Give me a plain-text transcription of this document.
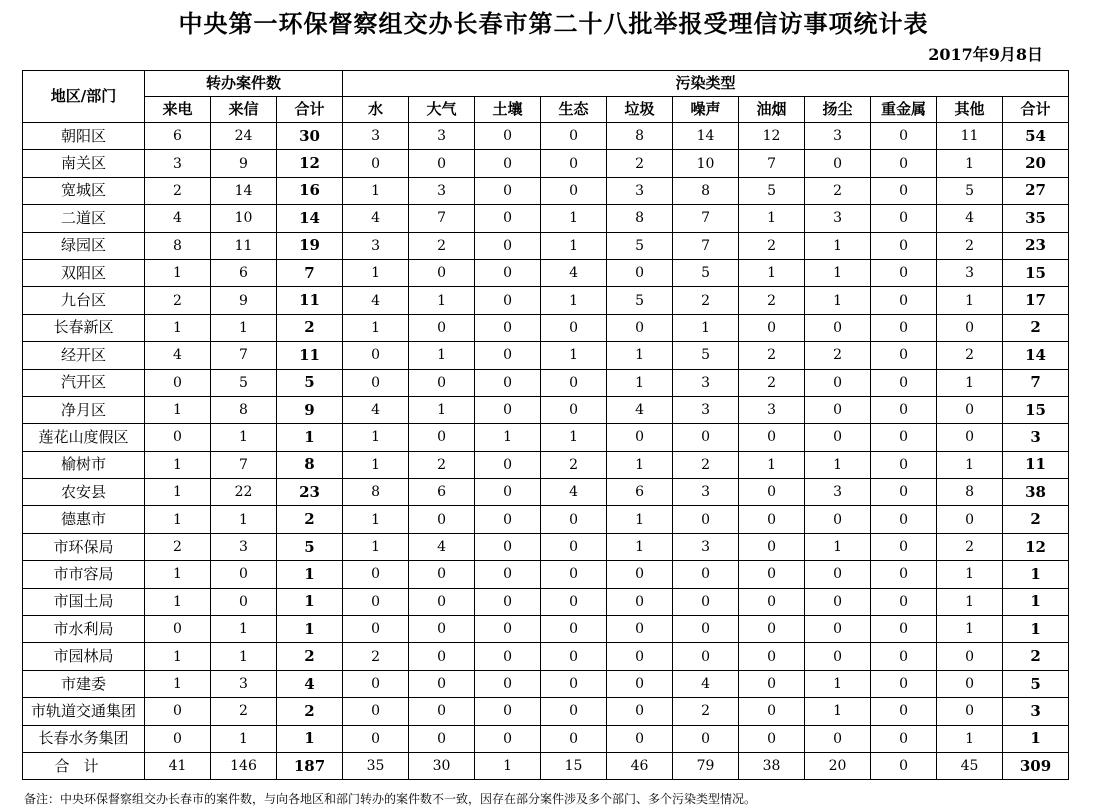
中央第一环保督察组交办长春市第二十八批举报受理信访事项统计表
2017年9月8日
地区/部门	转办案件数			污染类型										
	来电	来信	合计	水	大气	土壤	生态	垃圾	噪声	油烟	扬尘	重金属	其他	合计
朝阳区	6	24	30	3	3	0	0	8	14	12	3	0	11	54
南关区	3	9	12	0	0	0	0	2	10	7	0	0	1	20
宽城区	2	14	16	1	3	0	0	3	8	5	2	0	5	27
二道区	4	10	14	4	7	0	1	8	7	1	3	0	4	35
绿园区	8	11	19	3	2	0	1	5	7	2	1	0	2	23
双阳区	1	6	7	1	0	0	4	0	5	1	1	0	3	15
九台区	2	9	11	4	1	0	1	5	2	2	1	0	1	17
长春新区	1	1	2	1	0	0	0	0	1	0	0	0	0	2
经开区	4	7	11	0	1	0	1	1	5	2	2	0	2	14
汽开区	0	5	5	0	0	0	0	1	3	2	0	0	1	7
净月区	1	8	9	4	1	0	0	4	3	3	0	0	0	15
莲花山度假区	0	1	1	1	0	1	1	0	0	0	0	0	0	3
榆树市	1	7	8	1	2	0	2	1	2	1	1	0	1	11
农安县	1	22	23	8	6	0	4	6	3	0	3	0	8	38
德惠市	1	1	2	1	0	0	0	1	0	0	0	0	0	2
市环保局	2	3	5	1	4	0	0	1	3	0	1	0	2	12
市市容局	1	0	1	0	0	0	0	0	0	0	0	0	1	1
市国土局	1	0	1	0	0	0	0	0	0	0	0	0	1	1
市水利局	0	1	1	0	0	0	0	0	0	0	0	0	1	1
市园林局	1	1	2	2	0	0	0	0	0	0	0	0	0	2
市建委	1	3	4	0	0	0	0	0	4	0	1	0	0	5
市轨道交通集团	0	2	2	0	0	0	0	0	2	0	1	0	0	3
长春水务集团	0	1	1	0	0	0	0	0	0	0	0	0	1	1
合计	41	146	187	35	30	1	15	46	79	38	20	0	45	309
备注：中央环保督察组交办长春市的案件数，与向各地区和部门转办的案件数不一致，因存在部分案件涉及多个部门、多个污染类型情况。
